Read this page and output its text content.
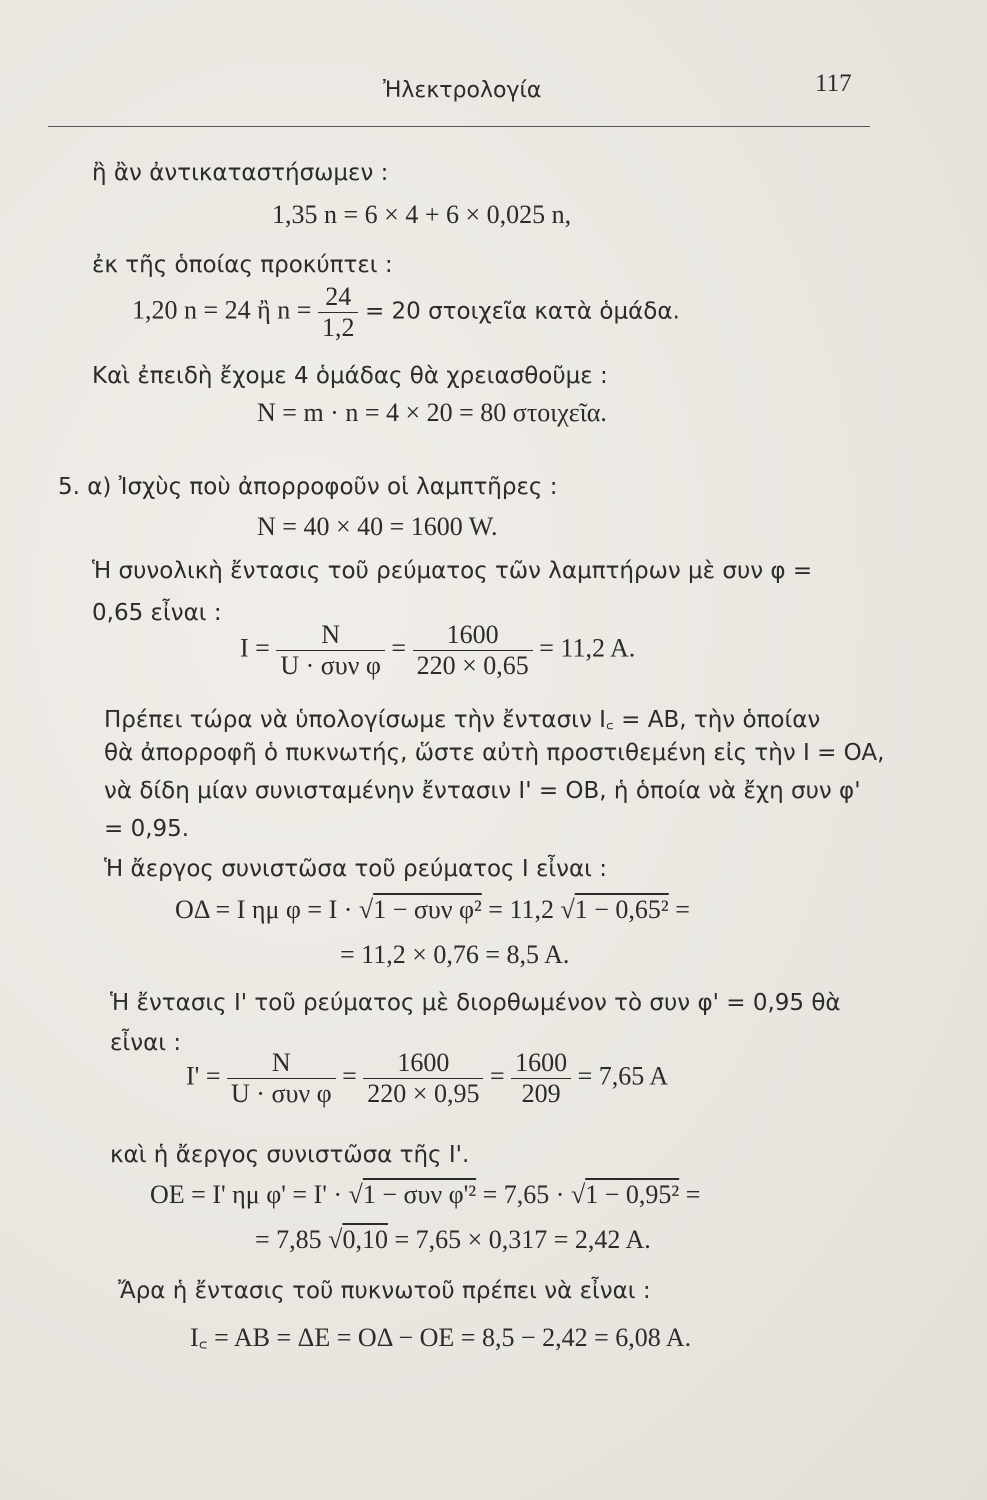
Ἠλεκτρολογία	117
ἢ ἂν ἀντικαταστήσωμεν :
1,35 n = 6 × 4 + 6 × 0,025 n,
ἐκ τῆς ὁποίας προκύπτει :
1,20 n = 24 ἢ $n = \frac{24}{1,2} = 20$ στοιχεῖα κατὰ ὁμάδα.
Καὶ ἐπειδὴ ἔχομε 4 ὁμάδας θὰ χρειασθοῦμε :
N = m · n = 4 × 20 = 80 στοιχεῖα.
5. α) Ἰσχὺς ποὺ ἀπορροφοῦν οἱ λαμπτῆρες :
N = 40 × 40 = 1600 W.
Ἡ συνολικὴ ἔντασις τοῦ ρεύματος τῶν λαμπτήρων μὲ συν φ =
0,65 εἶναι :
$I = \frac{N}{\text{U · συν φ}} = \frac{1600}{220 \times 0,65} = 11,2$ A.
Πρέπει τώρα νὰ ὑπολογίσωμε τὴν ἔντασιν I꜀ = AB, τὴν ὁποίαν
θὰ ἀπορροφῆ ὁ πυκνωτής, ὥστε αὐτὴ προστιθεμένη εἰς τὴν I = OA,
νὰ δίδη μίαν συνισταμένην ἔντασιν I' = OB, ἡ ὁποία νὰ ἔχη συν φ'
= 0,95.
Ἡ ἄεργος συνιστῶσα τοῦ ρεύματος I εἶναι :
OΔ = I ημ φ = I · √1 − συν φ² = 11,2 √1 − 0,65² =
= 11,2 × 0,76 = 8,5 A.
Ἡ ἔντασις I' τοῦ ρεύματος μὲ διορθωμένον τὸ συν φ' = 0,95 θὰ
εἶναι :
$I' = \frac{N}{\text{U · συν φ}} = \frac{1600}{220 \times 0,95} = \frac{1600}{209} = 7,65$ A
καὶ ἡ ἄεργος συνιστῶσα τῆς I'.
OE = I' ημ φ' = I' · √1 − συν φ'² = 7,65 · √1 − 0,95² =
= 7,85 √0,10 = 7,65 × 0,317 = 2,42 A.
Ἄρα ἡ ἔντασις τοῦ πυκνωτοῦ πρέπει νὰ εἶναι :
I꜀ = AB = ΔE = OΔ − OE = 8,5 − 2,42 = 6,08 A.
